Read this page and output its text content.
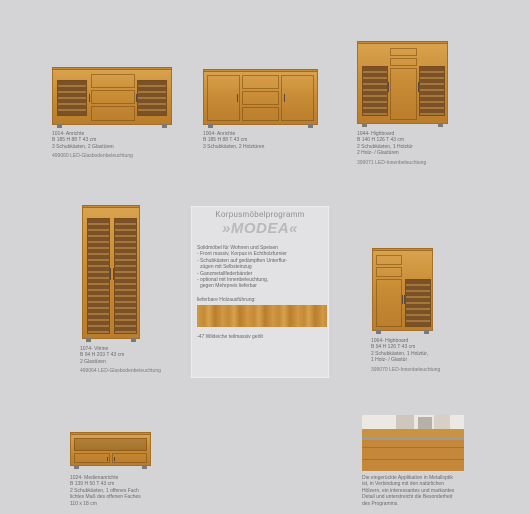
1014- Anrichte
B 185 H 88 T 43 cm
3 Schubkästen, 2 Glastüren
499060 LED-Glasbodenbeleuchtung
1004- Anrichte
B 185 H 88 T 43 cm
3 Schubkästen, 2 Holztüren
1044- Highboard
B 140 H 126 T 43 cm
2 Schubkästen, 1 Holztür
2 Holz- / Glastüren
399071 LED-Innenbeleuchtung
1074- Vitrine
B 94 H 203 T 43 cm
2 Glastüren
499064 LED-Glasbodenbeleuchtung
Korpusmöbelprogramm
»MODEA«
Solidmöbel für Wohnen und Speisen
- Front massiv, Korpus in Echtholzfurnier
- Schubkästen auf gedämpften Unterflur-
zügen mit Selbsteinzug
- Ganzmetallfederbänder
- optional mit Innenbeleuchtung,
gegen Mehrpreis lieferbar
lieferbare Holzausführung:
-47 Wildeiche teilmassiv geölt
1064- Highboard
B 94 H 126 T 43 cm
2 Schubkästen, 1 Holztür,
1 Holz- / Glastür
399070 LED-Innenbeleuchtung
1024- Medienanrichte
B 139 H 50 T 43 cm
2 Schubkästen, 1 offenes Fach
lichtes Maß des offenen Faches
110 x 18 cm
Die eingerückte Applikation in Metalloptik
ist, in Verbindung mit den natürlichen
Hölzern, ein interessantes und markantes
Detail und unterstreicht die Besonderheit
des Programms.
